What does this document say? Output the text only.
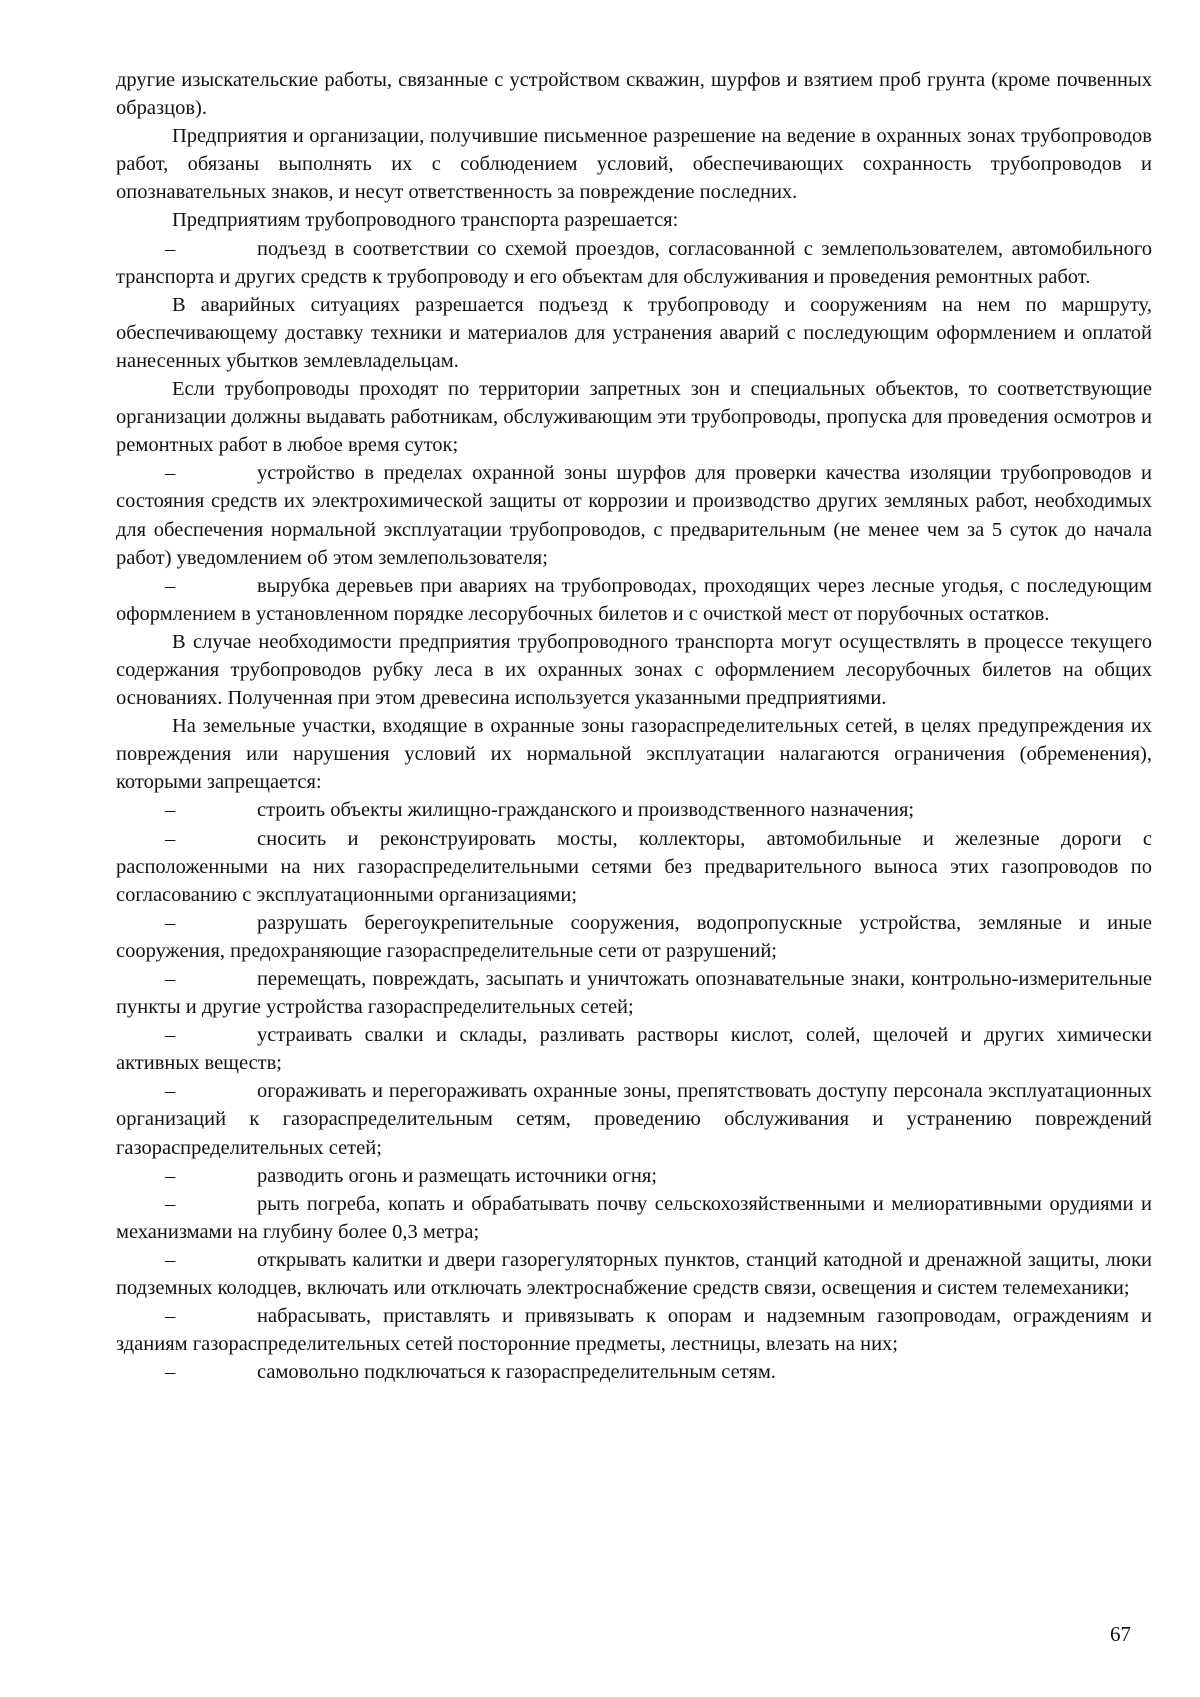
другие изыскательские работы, связанные с устройством скважин, шурфов и взятием проб грунта (кроме почвенных образцов).

Предприятия и организации, получившие письменное разрешение на ведение в охранных зонах трубопроводов работ, обязаны выполнять их с соблюдением условий, обеспечивающих сохранность трубопроводов и опознавательных знаков, и несут ответственность за повреждение последних.

Предприятиям трубопроводного транспорта разрешается:

–	подъезд в соответствии со схемой проездов, согласованной с землепользователем, автомобильного транспорта и других средств к трубопроводу и его объектам для обслуживания и проведения ремонтных работ.

В аварийных ситуациях разрешается подъезд к трубопроводу и сооружениям на нем по маршруту, обеспечивающему доставку техники и материалов для устранения аварий с последующим оформлением и оплатой нанесенных убытков землевладельцам.

Если трубопроводы проходят по территории запретных зон и специальных объектов, то соответствующие организации должны выдавать работникам, обслуживающим эти трубопроводы, пропуска для проведения осмотров и ремонтных работ в любое время суток;

–	устройство в пределах охранной зоны шурфов для проверки качества изоляции трубопроводов и состояния средств их электрохимической защиты от коррозии и производство других земляных работ, необходимых для обеспечения нормальной эксплуатации трубопроводов, с предварительным (не менее чем за 5 суток до начала работ) уведомлением об этом землепользователя;

–	вырубка деревьев при авариях на трубопроводах, проходящих через лесные угодья, с последующим оформлением в установленном порядке лесорубочных билетов и с очисткой мест от порубочных остатков.

В случае необходимости предприятия трубопроводного транспорта могут осуществлять в процессе текущего содержания трубопроводов рубку леса в их охранных зонах с оформлением лесорубочных билетов на общих основаниях. Полученная при этом древесина используется указанными предприятиями.

На земельные участки, входящие в охранные зоны газораспределительных сетей, в целях предупреждения их повреждения или нарушения условий их нормальной эксплуатации налагаются ограничения (обременения), которыми запрещается:

–	строить объекты жилищно-гражданского и производственного назначения;

–	сносить и реконструировать мосты, коллекторы, автомобильные и железные дороги с расположенными на них газораспределительными сетями без предварительного выноса этих газопроводов по согласованию с эксплуатационными организациями;

–	разрушать берегоукрепительные сооружения, водопропускные устройства, земляные и иные сооружения, предохраняющие газораспределительные сети от разрушений;

–	перемещать, повреждать, засыпать и уничтожать опознавательные знаки, контрольно-измерительные пункты и другие устройства газораспределительных сетей;

–	устраивать свалки и склады, разливать растворы кислот, солей, щелочей и других химически активных веществ;

–	огораживать и перегораживать охранные зоны, препятствовать доступу персонала эксплуатационных организаций к газораспределительным сетям, проведению обслуживания и устранению повреждений газораспределительных сетей;

–	разводить огонь и размещать источники огня;

–	рыть погреба, копать и обрабатывать почву сельскохозяйственными и мелиоративными орудиями и механизмами на глубину более 0,3 метра;

–	открывать калитки и двери газорегуляторных пунктов, станций катодной и дренажной защиты, люки подземных колодцев, включать или отключать электроснабжение средств связи, освещения и систем телемеханики;

–	набрасывать, приставлять и привязывать к опорам и надземным газопроводам, ограждениям и зданиям газораспределительных сетей посторонние предметы, лестницы, влезать на них;

–	самовольно подключаться к газораспределительным сетям.

67
